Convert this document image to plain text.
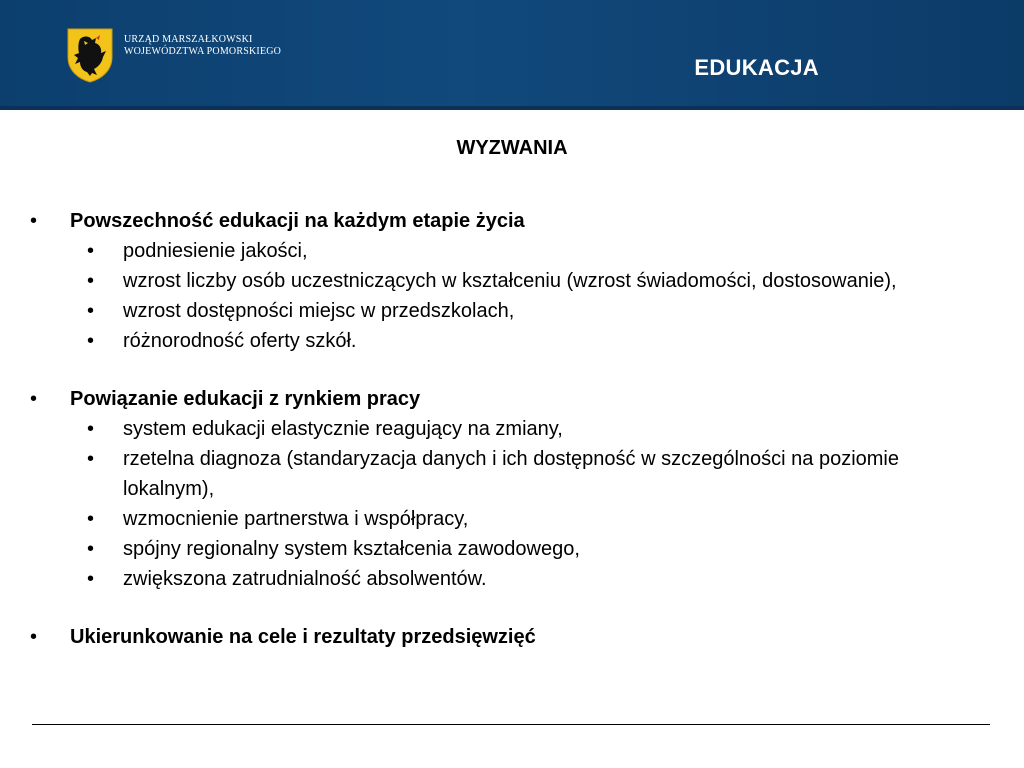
URZĄD MARSZAŁKOWSKI
WOJEWÓDZTWA POMORSKIEGO
EDUKACJA
WYZWANIA
• Powszechność edukacji na każdym etapie życia
• podniesienie jakości,
• wzrost liczby osób uczestniczących w kształceniu (wzrost świadomości, dostosowanie),
• wzrost dostępności miejsc w przedszkolach,
• różnorodność oferty szkół.
• Powiązanie edukacji z rynkiem pracy
• system edukacji elastycznie reagujący na zmiany,
• rzetelna diagnoza (standaryzacja danych i ich dostępność w szczególności na poziomie lokalnym),
• wzmocnienie partnerstwa i współpracy,
• spójny regionalny system kształcenia zawodowego,
• zwiększona zatrudnialność absolwentów.
• Ukierunkowanie na cele i rezultaty przedsięwzięć
